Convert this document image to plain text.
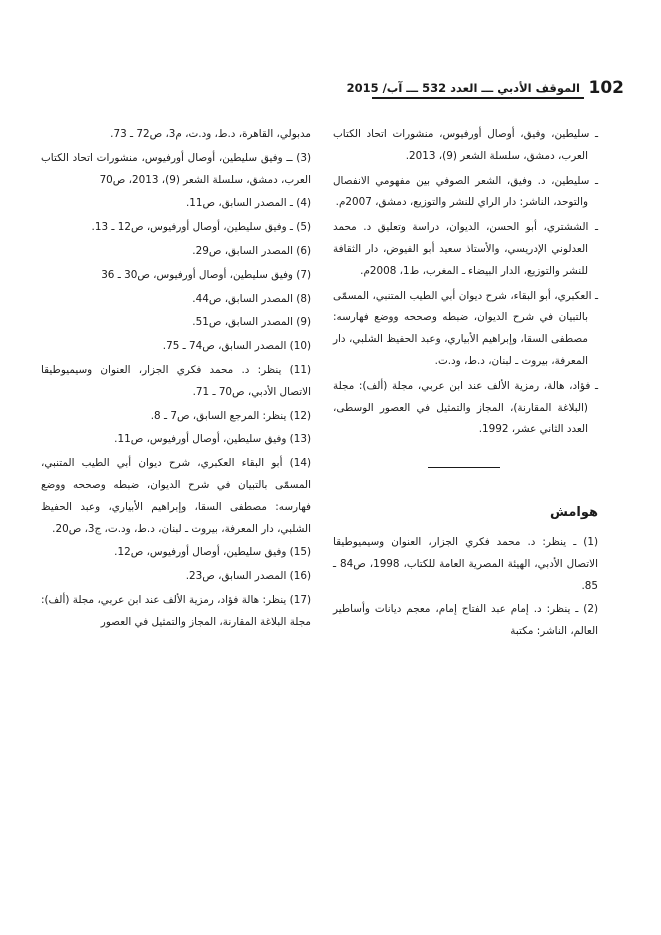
102
الموقف الأدبي ـــ العدد 532 ـــ آب/ 2015

ـ سليطين، وفيق، أوصال أورفيوس، منشورات اتحاد الكتاب العرب، دمشق، سلسلة الشعر (9)، 2013.

ـ سليطين، د. وفيق، الشعر الصوفي بين مفهومي الانفصال والتوحد، الناشر: دار الراي للنشر والتوزيع، دمشق، 2007م.

ـ الششتري، أبو الحسن، الديوان، دراسة وتعليق د. محمد العدلوني الإدريسي، والأستاذ سعيد أبو الفيوض، دار الثقافة للنشر والتوزيع، الدار البيضاء ـ المغرب، ط1، 2008م.

ـ العكبري، أبو البقاء، شرح ديوان أبي الطيب المتنبي، المسمّى بالتبيان في شرح الديوان، ضبطه وصححه ووضع فهارسه: مصطفى السقا، وإبراهيم الأبياري، وعبد الحفيظ الشلبي، دار المعرفة، بيروت ـ لبنان، د.ط، ود.ت.

ـ فؤاد، هالة، رمزية الألف عند ابن عربي، مجلة (ألف): مجلة (البلاغة المقارنة)، المجاز والتمثيل في العصور الوسطى، العدد الثاني عشر، 1992.

هوامش

(1) ـ ينظر: د. محمد فكري الجزار، العنوان وسيميوطيقا الاتصال الأدبي، الهيئة المصرية العامة للكتاب، 1998، ص84 ـ 85.

(2) ـ ينظر: د. إمام عبد الفتاح إمام، معجم ديانات وأساطير العالم، الناشر: مكتبة

مدبولي، القاهرة، د.ط، ود.ت، م3، ص72 ـ 73.

(3) ــ وفيق سليطين، أوصال أورفيوس، منشورات اتحاد الكتاب العرب، دمشق، سلسلة الشعر (9)، 2013، ص70

(4) ـ المصدر السابق، ص11.

(5) ـ وفيق سليطين، أوصال أورفيوس، ص12 ـ 13.

(6) المصدر السابق، ص29.

(7) وفيق سليطين، أوصال أورفيوس، ص30 ـ 36

(8) المصدر السابق، ص44.

(9) المصدر السابق، ص51.

(10) المصدر السابق، ص74 ـ 75.

(11) ينظر: د. محمد فكري الجزار، العنوان وسيميوطيقا الاتصال الأدبي، ص70 ـ 71.

(12) ينظر: المرجع السابق، ص7 ـ 8.

(13) وفيق سليطين، أوصال أورفيوس، ص11.

(14) أبو البقاء العكبري، شرح ديوان أبي الطيب المتنبي، المسمّى بالتبيان في شرح الديوان، ضبطه وصححه ووضع فهارسه: مصطفى السقا، وإبراهيم الأبياري، وعبد الحفيظ الشلبي، دار المعرفة، بيروت ـ لبنان، د.ط، ود.ت، ج3، ص20.

(15) وفيق سليطين، أوصال أورفيوس، ص12.

(16) المصدر السابق، ص23.

(17) ينظر: هالة فؤاد، رمزية الألف عند ابن عربي، مجلة (ألف): مجلة البلاغة المقارنة، المجاز والتمثيل في العصور
